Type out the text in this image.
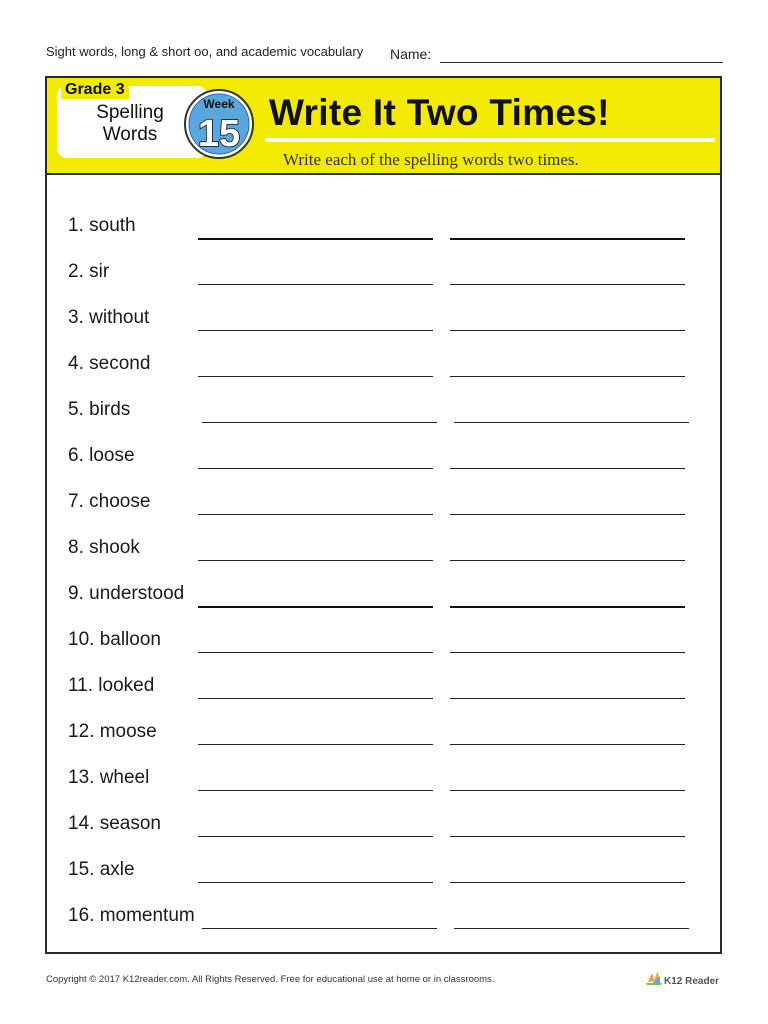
Sight words, long & short oo, and academic vocabulary Name:
Grade 3
Spelling
Words
Week
15
Write It Two Times!
Write each of the spelling words two times.
1. south
2. sir
3. without
4. second
5. birds
6. loose
7. choose
8. shook
9. understood
10. balloon
11. looked
12. moose
13. wheel
14. season
15. axle
16. momentum
Copyright © 2017 K12reader.com. All Rights Reserved. Free for educational use at home or in classrooms.	K12 Reader
